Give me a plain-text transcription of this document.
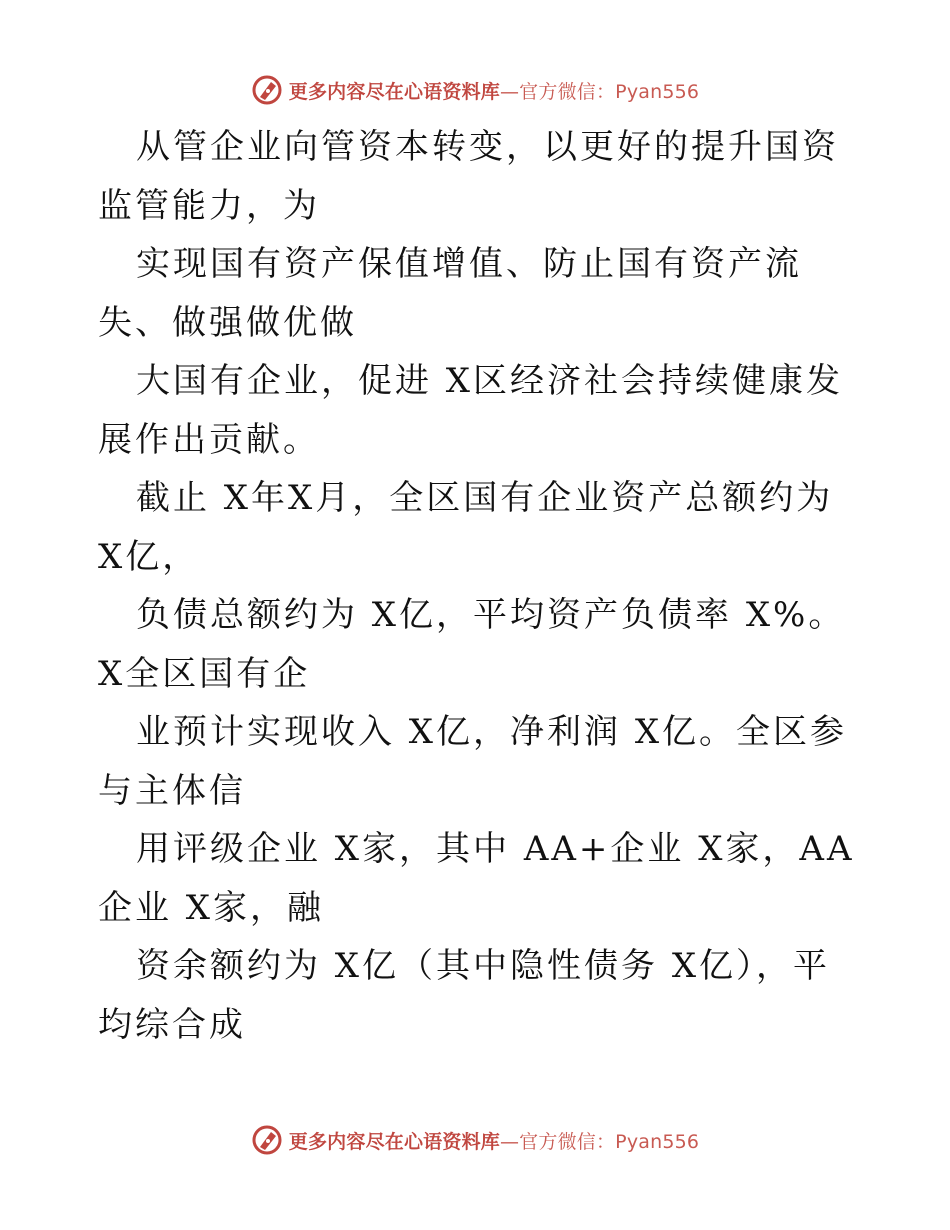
更多内容尽在心语资料库—官方微信：Pyan556

从管企业向管资本转变，以更好的提升国资监管能力，为

实现国有资产保值增值、防止国有资产流失、做强做优做

大国有企业，促进 X区经济社会持续健康发展作出贡献。

截止 X年X月，全区国有企业资产总额约为 X亿，

负债总额约为 X亿，平均资产负债率 X%。X全区国有企

业预计实现收入 X亿，净利润 X亿。全区参与主体信

用评级企业 X家，其中 AA+企业 X家，AA 企业 X家，融

资余额约为 X亿（其中隐性债务 X亿），平均综合成

更多内容尽在心语资料库—官方微信：Pyan556
